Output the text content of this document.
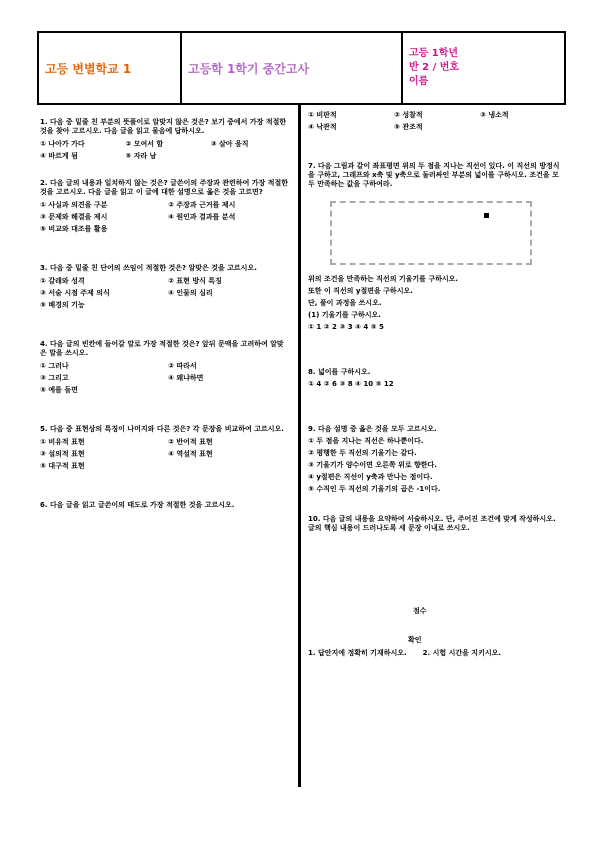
고등 변별학교 1	고등학 1학기 중간고사
고등 1학년
반 2 / 번호
이름
1. 다음 중 밑줄 친 부분의 뜻풀이로 알맞지 않은 것은? 보기 중에서 가장 적절한 것을 찾아 고르시오. 다음 글을 읽고 물음에 답하시오.
① 나아가 가다	② 모여서 함	③ 살아 움직
④ 바르게 됨	⑤ 자라 남
2. 다음 글의 내용과 일치하지 않는 것은? 글쓴이의 주장과 관련하여 가장 적절한 것을 고르시오. 다음 글을 읽고 이 글에 대한 설명으로 옳은 것을 고르면?
① 사실과 의견을 구분	② 주장과 근거를 제시
③ 문제와 해결을 제시	④ 원인과 결과를 분석
⑤ 비교와 대조를 활용
3. 다음 중 밑줄 친 단어의 쓰임이 적절한 것은? 알맞은 것을 고르시오.
① 갈래와 성격	② 표현 방식 특징
③ 서술 시점 주제 의식	④ 인물의 심리
⑤ 배경의 기능
4. 다음 글의 빈칸에 들어갈 말로 가장 적절한 것은? 앞뒤 문맥을 고려하여 알맞은 말을 쓰시오.
① 그러나	② 따라서
③ 그리고	④ 왜냐하면
⑤ 예를 들면
5. 다음 중 표현상의 특징이 나머지와 다른 것은? 각 문장을 비교하여 고르시오.
① 비유적 표현	② 반어적 표현
③ 설의적 표현	④ 역설적 표현
⑤ 대구적 표현
6. 다음 글을 읽고 글쓴이의 태도로 가장 적절한 것을 고르시오.
① 비판적	② 성찰적	③ 냉소적
④ 낙관적	⑤ 관조적
7. 다음 그림과 같이 좌표평면 위의 두 점을 지나는 직선이 있다. 이 직선의 방정식을 구하고, 그래프와 x축 및 y축으로 둘러싸인 부분의 넓이를 구하시오. 조건을 모두 만족하는 값을 구하여라.
위의 조건을 만족하는 직선의 기울기를 구하시오.
또한 이 직선의 y절편을 구하시오.
단, 풀이 과정을 쓰시오.
(1) 기울기를 구하시오.
① 1 ② 2 ③ 3 ④ 4 ⑤ 5
8. 넓이를 구하시오.
① 4 ② 6 ③ 8 ④ 10 ⑤ 12
9. 다음 설명 중 옳은 것을 모두 고르시오.
① 두 점을 지나는 직선은 하나뿐이다.
② 평행한 두 직선의 기울기는 같다.
③ 기울기가 양수이면 오른쪽 위로 향한다.
④ y절편은 직선이 y축과 만나는 점이다.
⑤ 수직인 두 직선의 기울기의 곱은 -1이다.
10. 다음 글의 내용을 요약하여 서술하시오. 단, 주어진 조건에 맞게 작성하시오. 글의 핵심 내용이 드러나도록 세 문장 이내로 쓰시오.
점수
확인
1. 답안지에 정확히 기재하시오. 2. 시험 시간을 지키시오.
